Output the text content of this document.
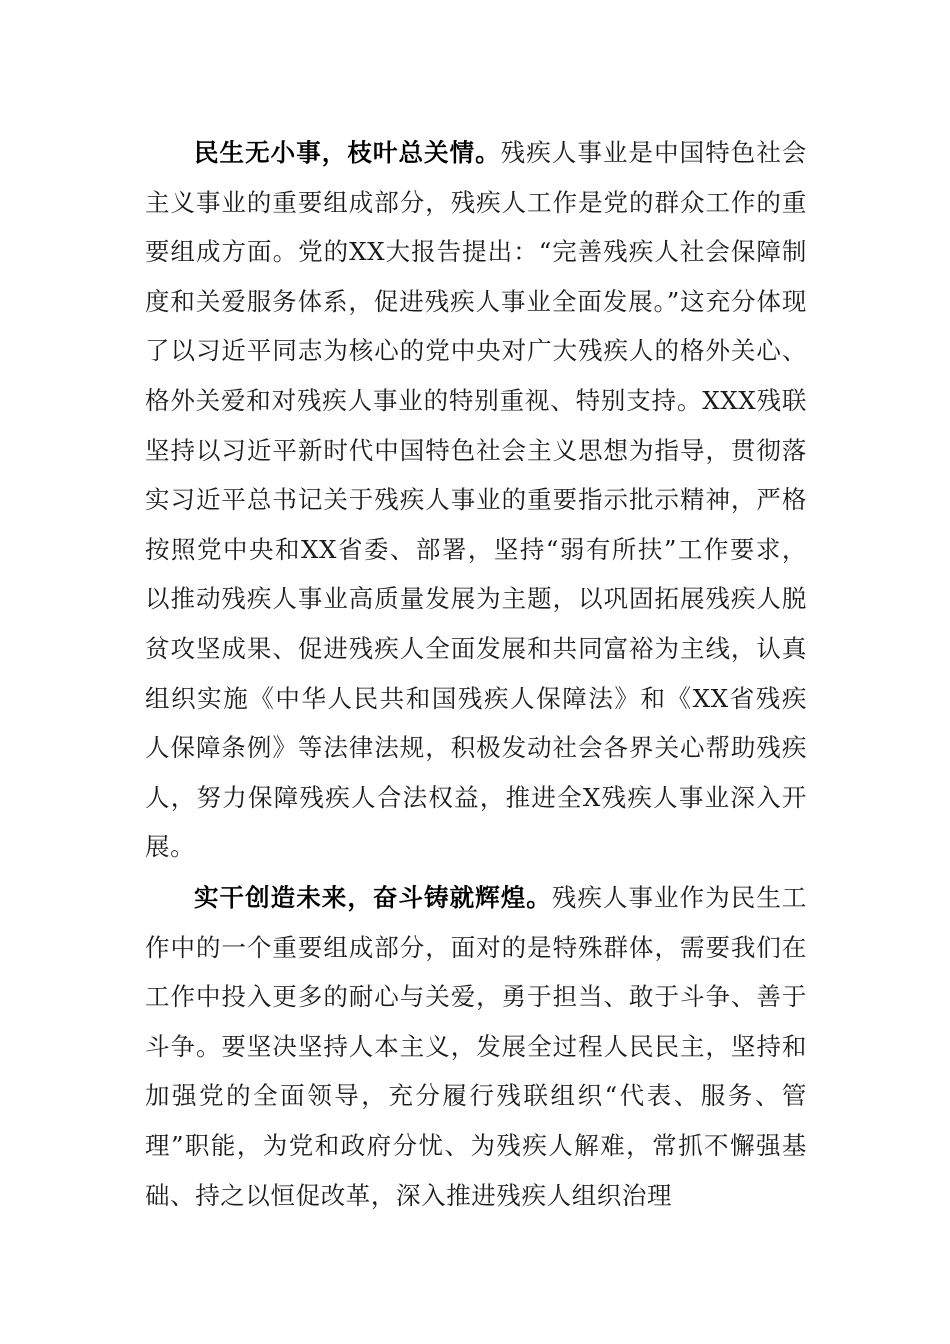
民生无小事，枝叶总关情。残疾人事业是中国特色社会主义事业的重要组成部分，残疾人工作是党的群众工作的重要组成方面。党的XX大报告提出：“完善残疾人社会保障制度和关爱服务体系，促进残疾人事业全面发展。”这充分体现了以习近平同志为核心的党中央对广大残疾人的格外关心、格外关爱和对残疾人事业的特别重视、特别支持。XXX残联坚持以习近平新时代中国特色社会主义思想为指导，贯彻落实习近平总书记关于残疾人事业的重要指示批示精神，严格按照党中央和XX省委、部署，坚持“弱有所扶”工作要求，以推动残疾人事业高质量发展为主题，以巩固拓展残疾人脱贫攻坚成果、促进残疾人全面发展和共同富裕为主线，认真组织实施《中华人民共和国残疾人保障法》和《XX省残疾人保障条例》等法律法规，积极发动社会各界关心帮助残疾人，努力保障残疾人合法权益，推进全X残疾人事业深入开展。

实干创造未来，奋斗铸就辉煌。残疾人事业作为民生工作中的一个重要组成部分，面对的是特殊群体，需要我们在工作中投入更多的耐心与关爱，勇于担当、敢于斗争、善于斗争。要坚决坚持人本主义，发展全过程人民民主，坚持和加强党的全面领导，充分履行残联组织“代表、服务、管理”职能，为党和政府分忧、为残疾人解难，常抓不懈强基础、持之以恒促改革，深入推进残疾人组织治理
